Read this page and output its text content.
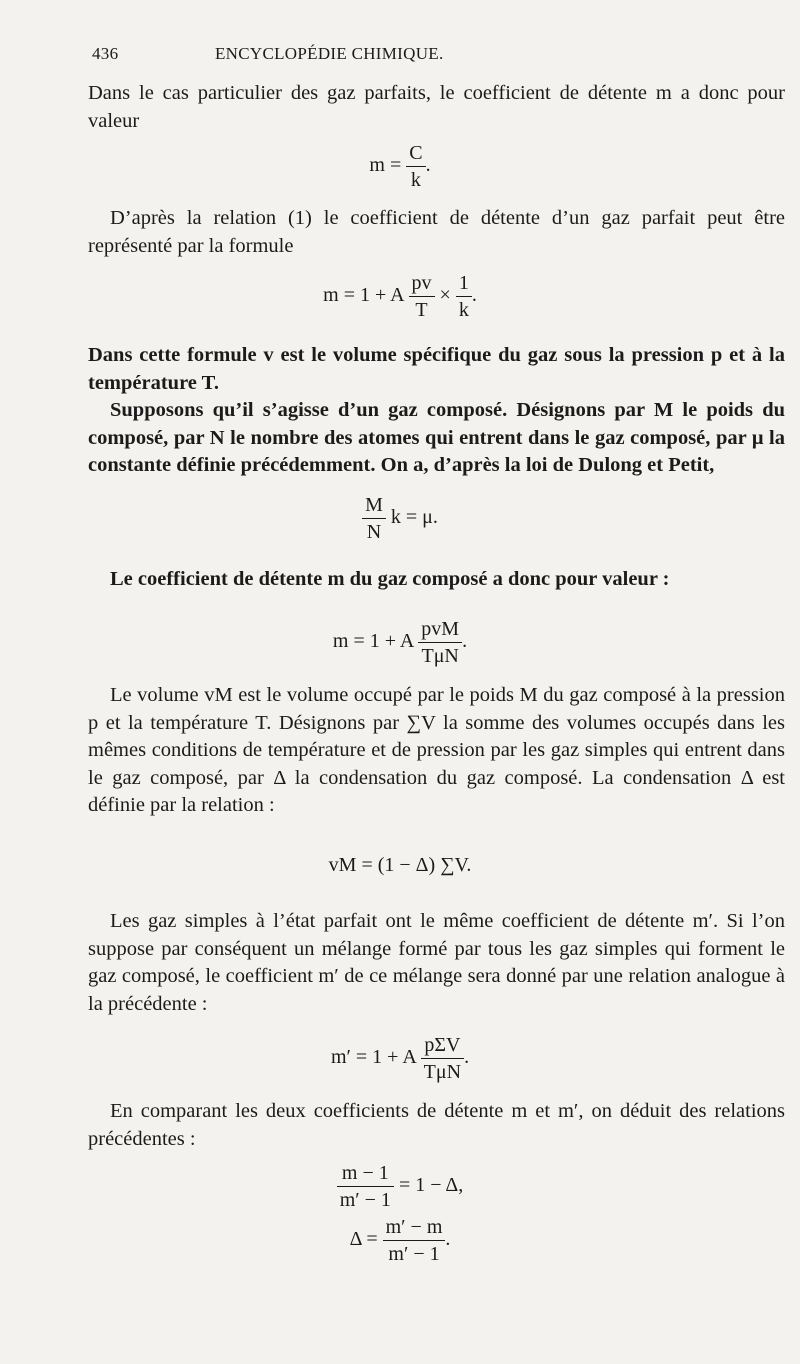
436	ENCYCLOPÉDIE CHIMIQUE.
Dans le cas particulier des gaz parfaits, le coefficient de détente m a donc pour valeur
$m = \frac{C}{k}$ .
D’après la relation (1) le coefficient de détente d’un gaz parfait peut être représenté par la formule
m = 1 + A $\frac{pv}{T} \times \frac{1}{k}$ .
Dans cette formule v est le volume spécifique du gaz sous la pression p et à la température T.
Supposons qu’il s’agisse d’un gaz composé. Désignons par M le poids du composé, par N le nombre des atomes qui entrent dans le gaz composé, par μ la constante définie précédemment. On a, d’après la loi de Dulong et Petit,
$\frac{M}{N}$ k = μ.
Le coefficient de détente m du gaz composé a donc pour valeur :
m = 1 + A $\frac{\text{pvM}}{\text{TμN}}$ .
Le volume vM est le volume occupé par le poids M du gaz composé à la pression p et la température T. Désignons par ∑V la somme des volumes occupés dans les mêmes conditions de température et de pression par les gaz simples qui entrent dans le gaz composé, par Δ la condensation du gaz composé. La condensation Δ est définie par la relation :
vM = (1 − Δ) ∑V.
Les gaz simples à l’état parfait ont le même coefficient de détente m′. Si l’on suppose par conséquent un mélange formé par tous les gaz simples qui forment le gaz composé, le coefficient m′ de ce mélange sera donné par une relation analogue à la précédente :
m′ = 1 + A $\frac{\text{pΣV}}{\text{TμN}}$ .
En comparant les deux coefficients de détente m et m′, on déduit des relations précédentes :
$\frac{m - 1}{m' - 1} = 1 - \Delta$,
$\Delta = \frac{m' - m}{m' - 1}$ .
